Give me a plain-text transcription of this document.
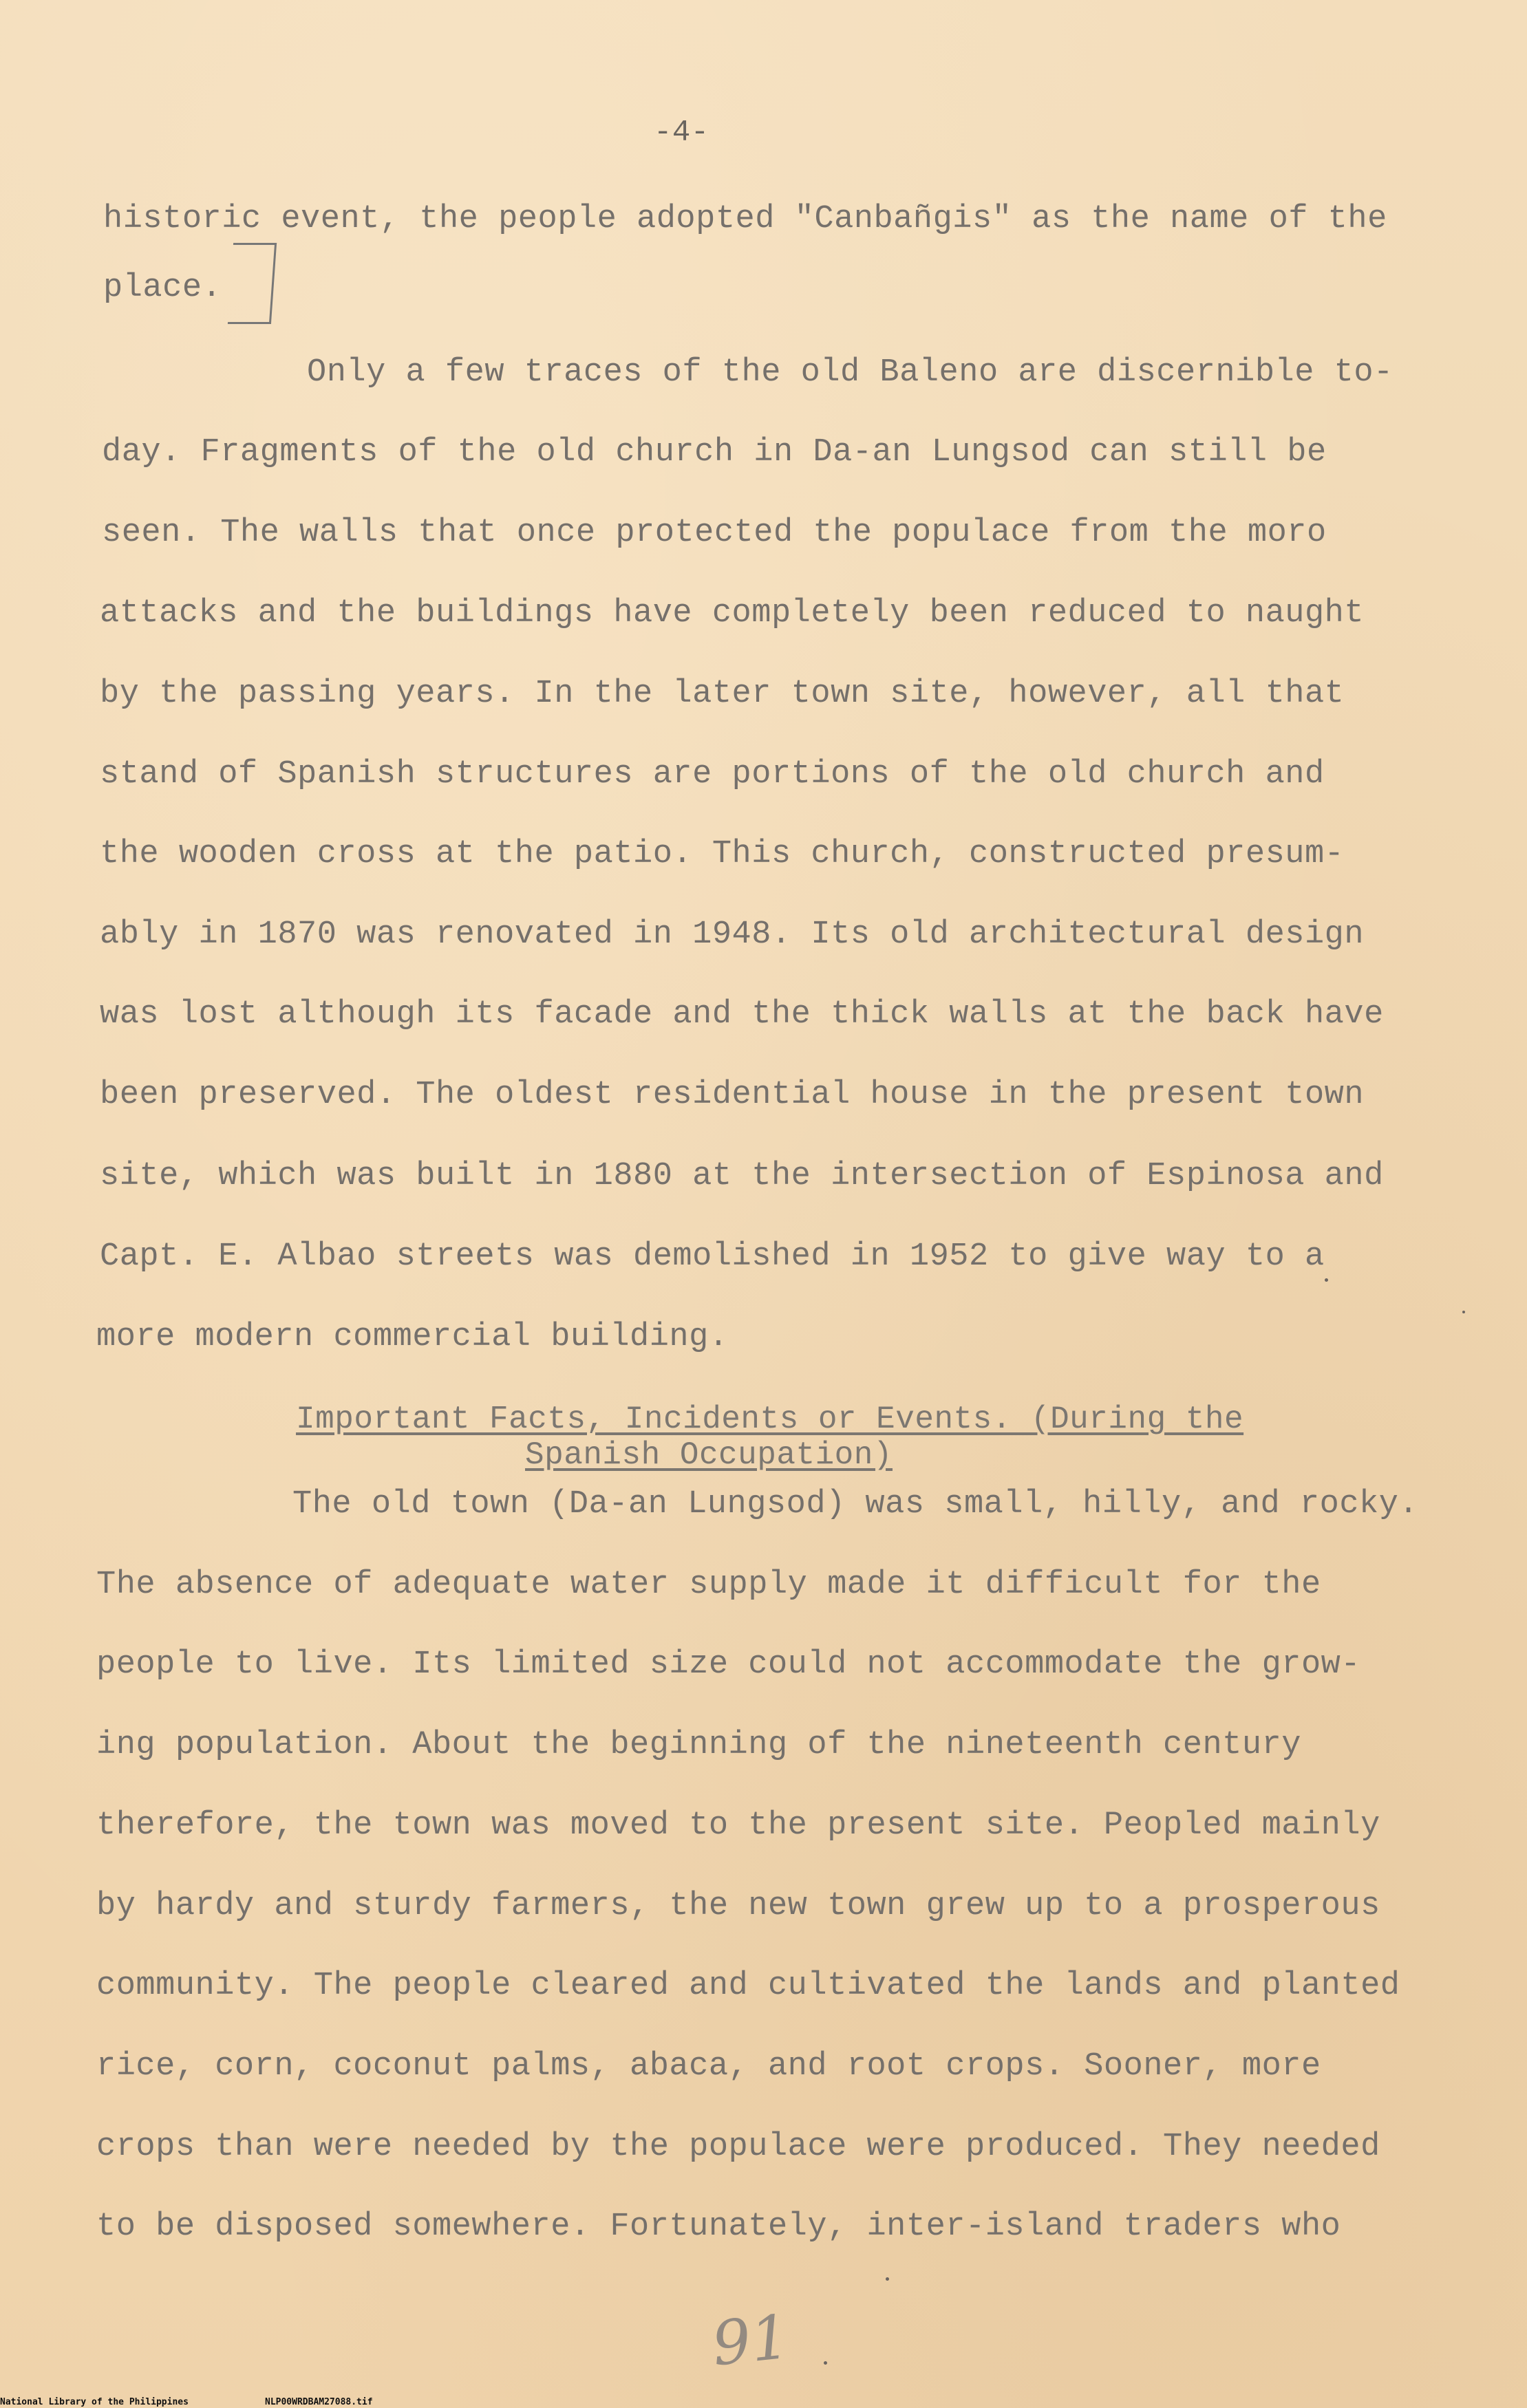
-4-
historic event, the people adopted "Canbañgis" as the name of the
place.
Only a few traces of the old Baleno are discernible to-
day. Fragments of the old church in Da-an Lungsod can still be
seen. The walls that once protected the populace from the moro
attacks and the buildings have completely been reduced to naught
by the passing years. In the later town site, however, all that
stand of Spanish structures are portions of the old church and
the wooden cross at the patio. This church, constructed presum-
ably in 1870 was renovated in 1948. Its old architectural design
was lost although its facade and the thick walls at the back have
been preserved. The oldest residential house in the present town
site, which was built in 1880 at the intersection of Espinosa and
Capt. E. Albao streets was demolished in 1952 to give way to a
more modern commercial building.
Important Facts, Incidents or Events. (During the
Spanish Occupation)
The old town (Da-an Lungsod) was small, hilly, and rocky.
The absence of adequate water supply made it difficult for the
people to live. Its limited size could not accommodate the grow-
ing population. About the beginning of the nineteenth century
therefore, the town was moved to the present site. Peopled mainly
by hardy and sturdy farmers, the new town grew up to a prosperous
community. The people cleared and cultivated the lands and planted
rice, corn, coconut palms, abaca, and root crops. Sooner, more
crops than were needed by the populace were produced. They needed
to be disposed somewhere. Fortunately, inter-island traders who
91
National Library of the Philippines	NLP00WRDBAM27088.tif
